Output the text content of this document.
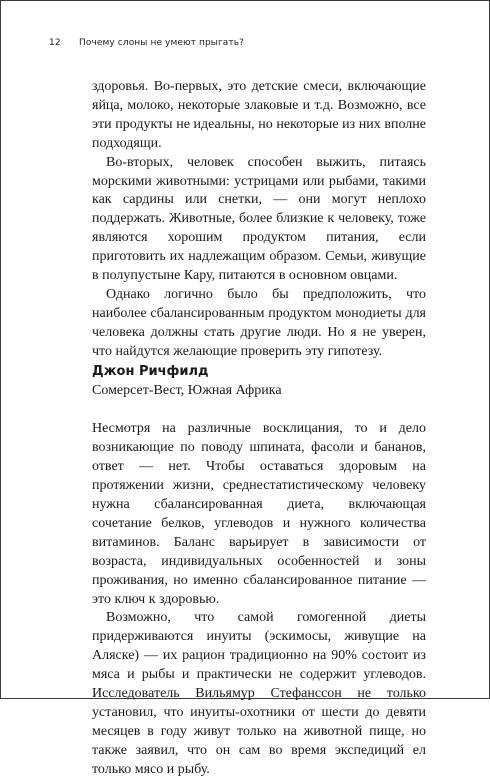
12 Почему слоны не умеют прыгать?

здоровья. Во-первых, это детские смеси, включающие яйца, молоко, некоторые злаковые и т.д. Возможно, все эти продукты не идеальны, но некоторые из них вполне подходящи.

Во-вторых, человек способен выжить, питаясь морскими животными: устрицами или рыбами, такими как сардины или снетки, — они могут неплохо поддержать. Животные, более близкие к человеку, тоже являются хорошим продуктом питания, если приготовить их надлежащим образом. Семьи, живущие в полупустыне Кару, питаются в основном овцами.

Однако логично было бы предположить, что наиболее сбалансированным продуктом монодиеты для человека должны стать другие люди. Но я не уверен, что найдутся желающие проверить эту гипотезу.

Джон Ричфилд

Сомерсет-Вест, Южная Африка

Несмотря на различные восклицания, то и дело возникающие по поводу шпината, фасоли и бананов, ответ — нет. Чтобы оставаться здоровым на протяжении жизни, среднестатистическому человеку нужна сбалансированная диета, включающая сочетание белков, углеводов и нужного количества витаминов. Баланс варьирует в зависимости от возраста, индивидуальных особенностей и зоны проживания, но именно сбалансированное питание — это ключ к здоровью.

Возможно, что самой гомогенной диеты придерживаются инуиты (эскимосы, живущие на Аляске) — их рацион традиционно на 90% состоит из мяса и рыбы и практически не содержит углеводов. Исследователь Вильямур Стефанссон не только установил, что инуиты-охотники от шести до девяти месяцев в году живут только на животной пище, но также заявил, что он сам во время экспедиций ел только мясо и рыбу.
